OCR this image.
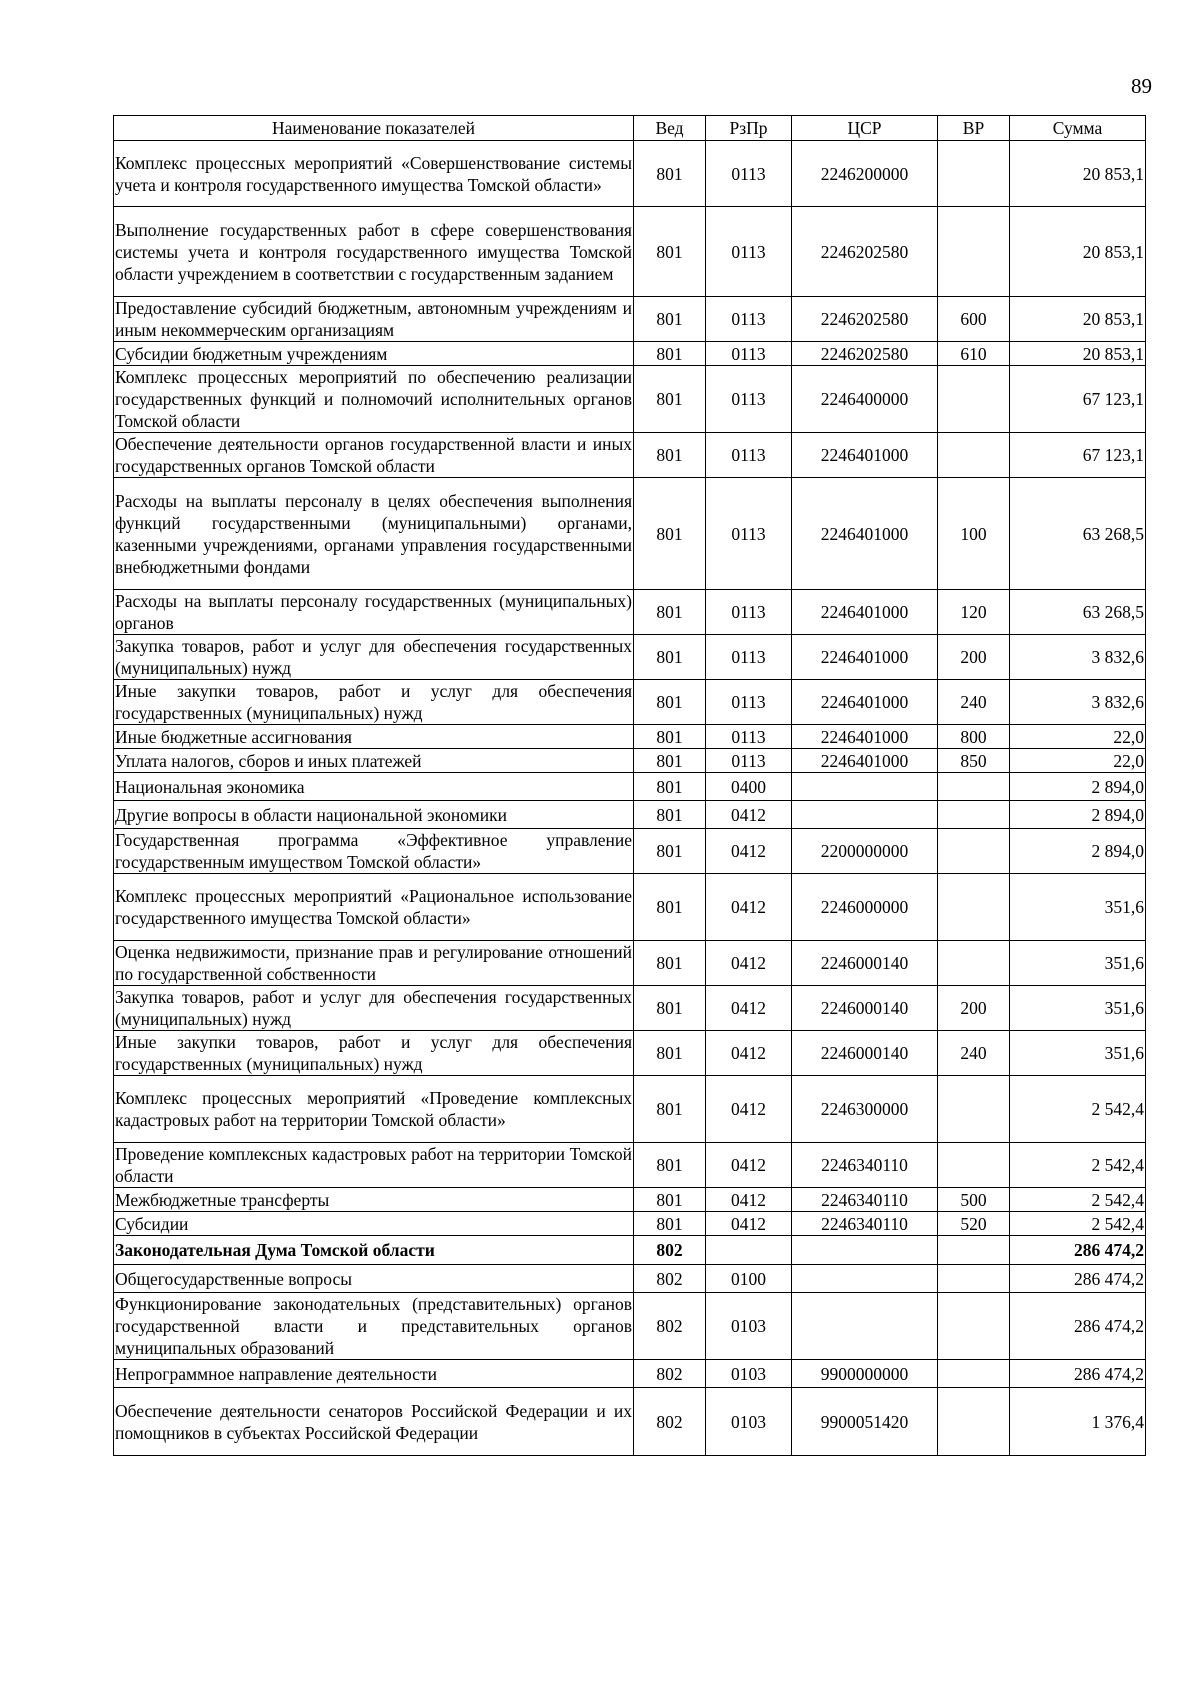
89
Наименование показателей	Вед	РзПр	ЦСР	ВР	Сумма
Комплекс процессных мероприятий «Совершенствование системы учета и контроля государственного имущества Томской области»	801	0113	2246200000		20 853,1
Выполнение государственных работ в сфере совершенствования системы учета и контроля государственного имущества Томской области учреждением в соответствии с государственным заданием	801	0113	2246202580		20 853,1
Предоставление субсидий бюджетным, автономным учреждениям и иным некоммерческим организациям	801	0113	2246202580	600	20 853,1
Субсидии бюджетным учреждениям	801	0113	2246202580	610	20 853,1
Комплекс процессных мероприятий по обеспечению реализации государственных функций и полномочий исполнительных органов Томской области	801	0113	2246400000		67 123,1
Обеспечение деятельности органов государственной власти и иных государственных органов Томской области	801	0113	2246401000		67 123,1
Расходы на выплаты персоналу в целях обеспечения выполнения функций государственными (муниципальными) органами, казенными учреждениями, органами управления государственными внебюджетными фондами	801	0113	2246401000	100	63 268,5
Расходы на выплаты персоналу государственных (муниципальных) органов	801	0113	2246401000	120	63 268,5
Закупка товаров, работ и услуг для обеспечения государственных (муниципальных) нужд	801	0113	2246401000	200	3 832,6
Иные закупки товаров, работ и услуг для обеспечения государственных (муниципальных) нужд	801	0113	2246401000	240	3 832,6
Иные бюджетные ассигнования	801	0113	2246401000	800	22,0
Уплата налогов, сборов и иных платежей	801	0113	2246401000	850	22,0
Национальная экономика	801	0400			2 894,0
Другие вопросы в области национальной экономики	801	0412			2 894,0
Государственная программа «Эффективное управление государственным имуществом Томской области»	801	0412	2200000000		2 894,0
Комплекс процессных мероприятий «Рациональное использование государственного имущества Томской области»	801	0412	2246000000		351,6
Оценка недвижимости, признание прав и регулирование отношений по государственной собственности	801	0412	2246000140		351,6
Закупка товаров, работ и услуг для обеспечения государственных (муниципальных) нужд	801	0412	2246000140	200	351,6
Иные закупки товаров, работ и услуг для обеспечения государственных (муниципальных) нужд	801	0412	2246000140	240	351,6
Комплекс процессных мероприятий «Проведение комплексных кадастровых работ на территории Томской области»	801	0412	2246300000		2 542,4
Проведение комплексных кадастровых работ на территории Томской области	801	0412	2246340110		2 542,4
Межбюджетные трансферты	801	0412	2246340110	500	2 542,4
Субсидии	801	0412	2246340110	520	2 542,4
Законодательная Дума Томской области	802				286 474,2
Общегосударственные вопросы	802	0100			286 474,2
Функционирование законодательных (представительных) органов государственной власти и представительных органов муниципальных образований	802	0103			286 474,2
Непрограммное направление деятельности	802	0103	9900000000		286 474,2
Обеспечение деятельности сенаторов Российской Федерации и их помощников в субъектах Российской Федерации	802	0103	9900051420		1 376,4
